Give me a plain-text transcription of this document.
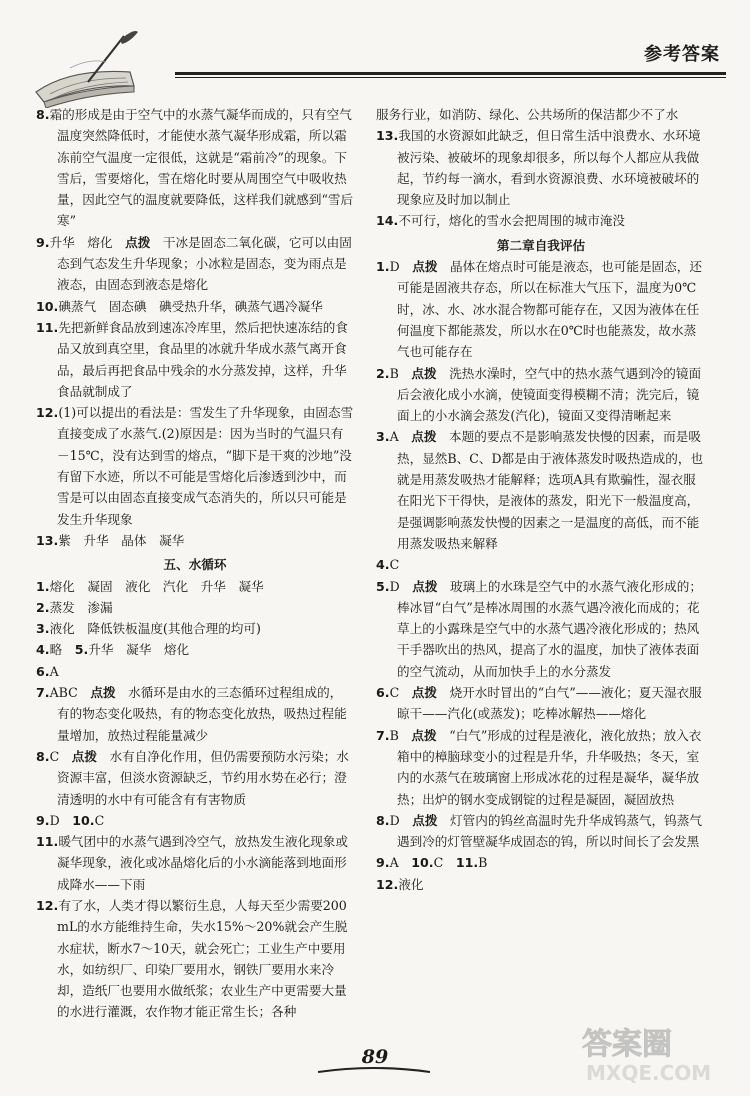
参考答案

8.霜的形成是由于空气中的水蒸气凝华而成的，只有空气温度突然降低时，才能使水蒸气凝华形成霜，所以霜冻前空气温度一定很低，这就是“霜前冷”的现象。下雪后，雪要熔化，雪在熔化时要从周围空气中吸收热量，因此空气的温度就要降低，这样我们就感到“雪后寒”

9.升华　熔化　点拨　干冰是固态二氧化碳，它可以由固态到气态发生升华现象；小冰粒是固态，变为雨点是液态，由固态到液态是熔化

10.碘蒸气　固态碘　碘受热升华，碘蒸气遇冷凝华

11.先把新鲜食品放到速冻冷库里，然后把快速冻结的食品又放到真空里，食品里的冰就升华成水蒸气离开食品，最后再把食品中残余的水分蒸发掉，这样，升华食品就制成了

12.(1)可以提出的看法是：雪发生了升华现象，由固态雪直接变成了水蒸气.(2)原因是：因为当时的气温只有－15℃，没有达到雪的熔点，“脚下是干爽的沙地”没有留下水迹，所以不可能是雪熔化后渗透到沙中，而雪是可以由固态直接变成气态消失的，所以只可能是发生升华现象

13.紫　升华　晶体　凝华

五、水循环

1.熔化　凝固　液化　汽化　升华　凝华

2.蒸发　渗漏

3.液化　降低铁板温度(其他合理的均可)

4.略　5.升华　凝华　熔化

6.A

7.ABC　点拨　水循环是由水的三态循环过程组成的，有的物态变化吸热，有的物态变化放热，吸热过程能量增加，放热过程能量减少

8.C　点拨　水有自净化作用，但仍需要预防水污染；水资源丰富，但淡水资源缺乏，节约用水势在必行；澄清透明的水中有可能含有有害物质

9.D　10.C

11.暖气团中的水蒸气遇到冷空气，放热发生液化现象或凝华现象，液化或冰晶熔化后的小水滴能落到地面形成降水——下雨

12.有了水，人类才得以繁衍生息，人每天至少需要200 mL的水方能维持生命，失水15%～20%就会产生脱水症状，断水7～10天，就会死亡；工业生产中要用水，如纺织厂、印染厂要用水，钢铁厂要用水来冷却，造纸厂也要用水做纸浆；农业生产中更需要大量的水进行灌溉，农作物才能正常生长；各种

服务行业，如消防、绿化、公共场所的保洁都少不了水

13.我国的水资源如此缺乏，但日常生活中浪费水、水环境被污染、被破坏的现象却很多，所以每个人都应从我做起，节约每一滴水，看到水资源浪费、水环境被破坏的现象应及时加以制止

14.不可行，熔化的雪水会把周围的城市淹没

第二章自我评估

1.D　点拨　晶体在熔点时可能是液态，也可能是固态，还可能是固液共存态，所以在标准大气压下，温度为0℃时，冰、水、冰水混合物都可能存在，又因为液体在任何温度下都能蒸发，所以水在0℃时也能蒸发，故水蒸气也可能存在

2.B　点拨　洗热水澡时，空气中的热水蒸气遇到冷的镜面后会液化成小水滴，使镜面变得模糊不清；洗完后，镜面上的小水滴会蒸发(汽化)，镜面又变得清晰起来

3.A　点拨　本题的要点不是影响蒸发快慢的因素，而是吸热，显然B、C、D都是由于液体蒸发时吸热造成的，也就是用蒸发吸热才能解释；选项A具有欺骗性，湿衣服在阳光下干得快，是液体的蒸发，阳光下一般温度高，是强调影响蒸发快慢的因素之一是温度的高低，而不能用蒸发吸热来解释

4.C

5.D　点拨　玻璃上的水珠是空气中的水蒸气液化形成的；棒冰冒“白气”是棒冰周围的水蒸气遇冷液化而成的；花草上的小露珠是空气中的水蒸气遇冷液化形成的；热风干手器吹出的热风，提高了水的温度，加快了液体表面的空气流动，从而加快手上的水分蒸发

6.C　点拨　烧开水时冒出的“白气”——液化；夏天湿衣服晾干——汽化(或蒸发)；吃棒冰解热——熔化

7.B　点拨　“白气”形成的过程是液化，液化放热；放入衣箱中的樟脑球变小的过程是升华，升华吸热；冬天，室内的水蒸气在玻璃窗上形成冰花的过程是凝华，凝华放热；出炉的钢水变成钢锭的过程是凝固，凝固放热

8.D　点拨　灯管内的钨丝高温时先升华成钨蒸气，钨蒸气遇到冷的灯管壁凝华成固态的钨，所以时间长了会发黑

9.A　10.C　11.B

12.液化

89	答案圈
MXQE.COM
